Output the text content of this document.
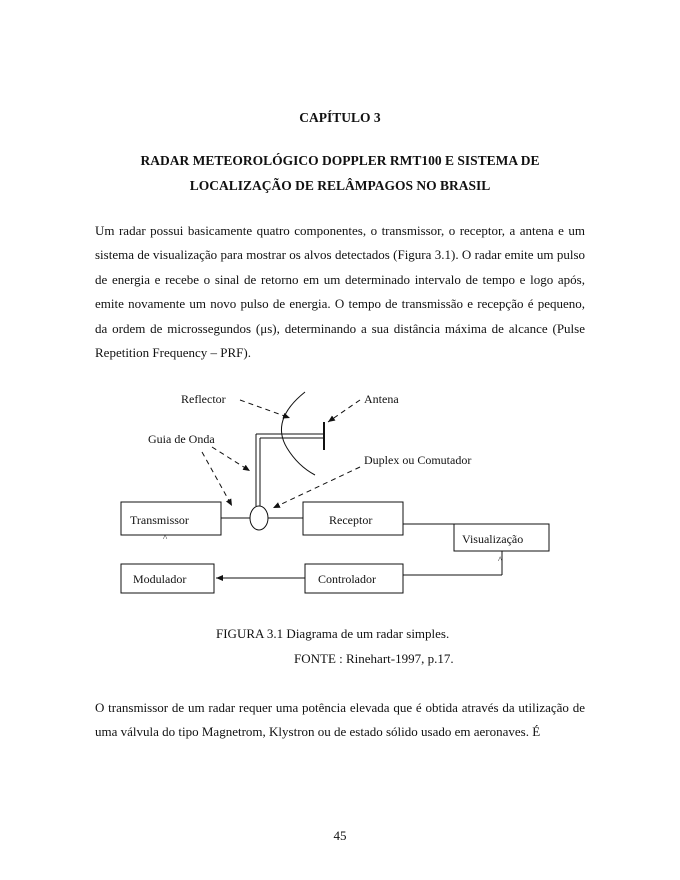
CAPÍTULO 3
RADAR METEOROLÓGICO DOPPLER RMT100 E SISTEMA DE
LOCALIZAÇÃO DE RELÂMPAGOS NO BRASIL
Um radar possui basicamente quatro componentes, o transmissor, o receptor, a antena e um sistema de visualização para mostrar os alvos detectados (Figura 3.1). O radar emite um pulso de energia e recebe o sinal de retorno em um determinado intervalo de tempo e logo após, emite novamente um novo pulso de energia. O tempo de transmissão e recepção é pequeno, da ordem de microssegundos (μs), determinando a sua distância máxima de alcance (Pulse Repetition Frequency – PRF).
^
^
Reflector	Antena
Guia de Onda
Duplex ou Comutador
Transmissor	Receptor
Visualização
Modulador	Controlador
FIGURA 3.1 Diagrama de um radar simples.
FONTE : Rinehart-1997, p.17.
O transmissor de um radar requer uma potência elevada que é obtida através da utilização de uma válvula do tipo Magnetrom, Klystron ou de estado sólido usado em aeronaves. É
45
